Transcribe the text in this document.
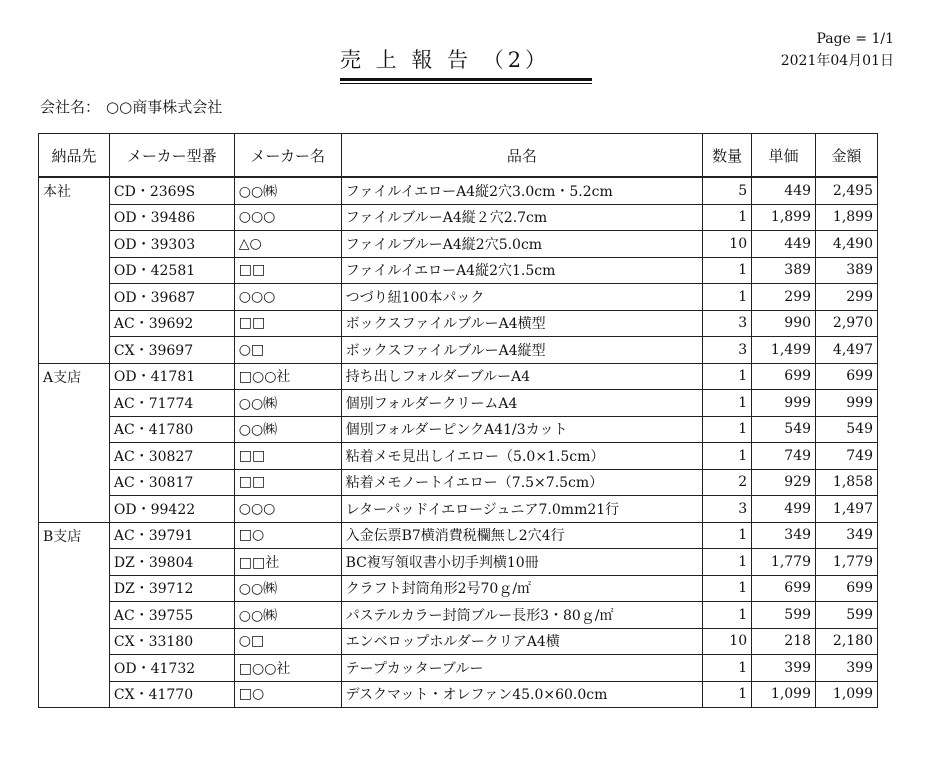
Page = 1/1
2021年04月01日
売 上 報 告 （2）
会社名： ○○商事株式会社
納品先	メーカー型番	メーカー名	品名	数量	単価	金額
本社	CD・2369S	○○㈱	ファイルイエローA4縦2穴3.0cm・5.2cm	5	449	2,495
	OD・39486	○○○	ファイルブルーA4縦２穴2.7cm	1	1,899	1,899
	OD・39303	△○	ファイルブルーA4縦2穴5.0cm	10	449	4,490
	OD・42581	□□	ファイルイエローA4縦2穴1.5cm	1	389	389
	OD・39687	○○○	つづり紐100本パック	1	299	299
	AC・39692	□□	ボックスファイルブルーA4横型	3	990	2,970
	CX・39697	○□	ボックスファイルブルーA4縦型	3	1,499	4,497
A支店	OD・41781	□○○社	持ち出しフォルダーブルーA4	1	699	699
	AC・71774	○○㈱	個別フォルダークリームA4	1	999	999
	AC・41780	○○㈱	個別フォルダーピンクA41/3カット	1	549	549
	AC・30827	□□	粘着メモ見出しイエロー（5.0×1.5cm）	1	749	749
	AC・30817	□□	粘着メモノートイエロー（7.5×7.5cm）	2	929	1,858
	OD・99422	○○○	レターパッドイエロージュニア7.0mm21行	3	499	1,497
B支店	AC・39791	□○	入金伝票B7横消費税欄無し2穴4行	1	349	349
	DZ・39804	□□社	BC複写領収書小切手判横10冊	1	1,779	1,779
	DZ・39712	○○㈱	クラフト封筒角形2号70ｇ/㎡	1	699	699
	AC・39755	○○㈱	パステルカラー封筒ブルー長形3・80ｇ/㎡	1	599	599
	CX・33180	○□	エンベロップホルダークリアA4横	10	218	2,180
	OD・41732	□○○社	テープカッターブルー	1	399	399
	CX・41770	□○	デスクマット・オレファン45.0×60.0cm	1	1,099	1,099
